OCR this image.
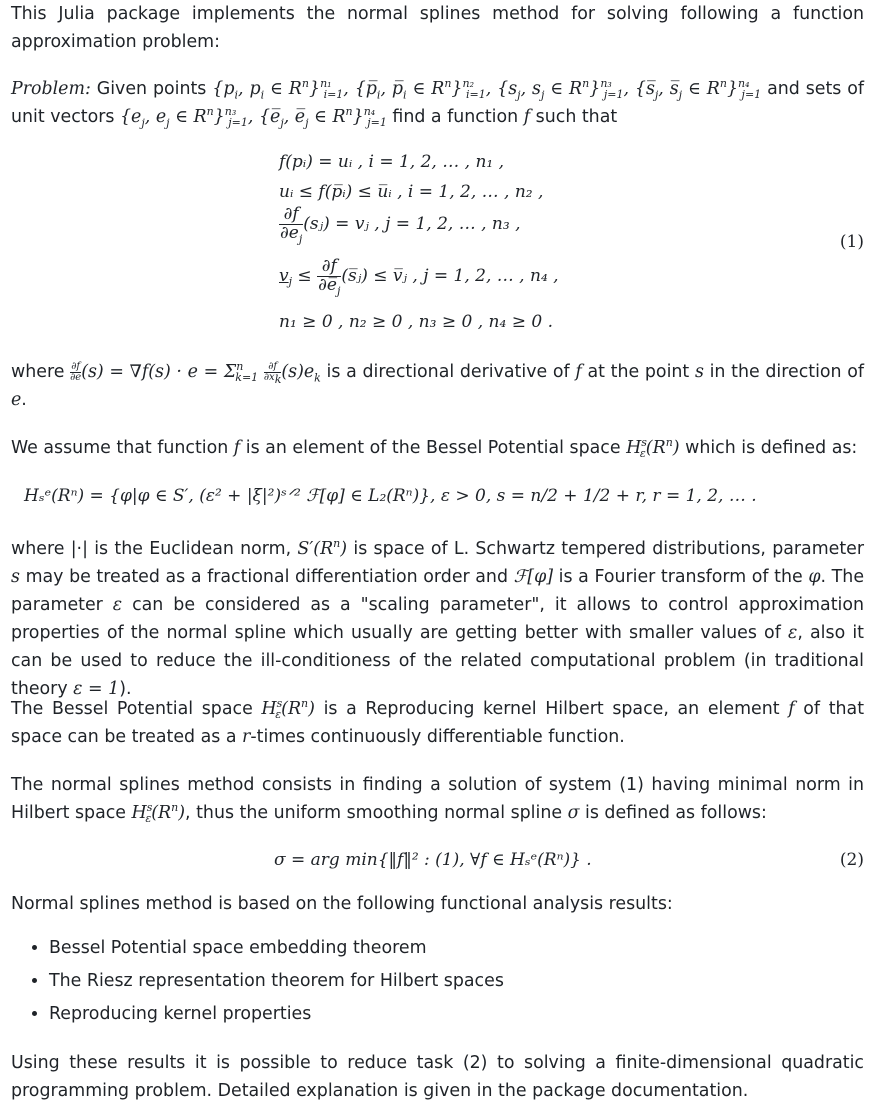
This Julia package implements the normal splines method for solving following a function approximation problem:

Problem: Given points {$p_i$, $p_i$ ∈ $R^n\}^{n_1}_{i=1}$, {$p̅_i$, $p̅_i$ ∈ $R^n\}^{n_2}_{i=1}$, {$s_j$, $s_j$ ∈ $R^n\}^{n_3}_{j=1}$, {$s̅_j$, $s̅_j$ ∈ $R^n\}^{n_4}_{j=1}$ and sets of unit vectors {$e_j$, $e_j$ ∈ $R^n\}^{n_3}_{j=1}$, {$e̅_j$, $e̅_j$ ∈ $R^n\}^{n_4}_{j=1}$ find a function f such that

f(pᵢ) = uᵢ , i = 1, 2, … , n₁ ,
uᵢ ≤ f(p̅ᵢ) ≤ u̅ᵢ , i = 1, 2, … , n₂ ,
$\frac{\partial f}{\partial e_j}$ (sⱼ) = vⱼ , j = 1, 2, … , n₃ ,
$v_j \le \frac{\partial f}{\partial e̅_j}$ (s̅ⱼ) ≤ v̅ⱼ , j = 1, 2, … , n₄ ,
n₁ ≥ 0 , n₂ ≥ 0 , n₃ ≥ 0 , n₄ ≥ 0 .
(1)

where $\frac{\partial f}{\partial e}(s) = \nabla f(s) \cdot e = \Sigma^n_{k=1} \frac{\partial f}{\partial x_k}(s)e_k$ is a directional derivative of f at the point s in the direction of e.

We assume that function f is an element of the Bessel Potential space $H^s_\varepsilon(R^n)$ which is defined as:

Hₛᵉ(Rⁿ) = {φ|φ ∈ S′, (ε² + |ξ|²)ˢᐟ² ℱ[φ] ∈ L₂(Rⁿ)}, ε > 0, s = n/2 + 1/2 + r, r = 1, 2, … .

where |·| is the Euclidean norm, $S'(R^n)$ is space of L. Schwartz tempered distributions, parameter s may be treated as a fractional differentiation order and ℱ[φ] is a Fourier transform of the φ. The parameter ε can be considered as a "scaling parameter", it allows to control approximation properties of the normal spline which usually are getting better with smaller values of ε, also it can be used to reduce the ill-conditioness of the related computational problem (in traditional theory ε = 1).

The Bessel Potential space $H^s_\varepsilon(R^n)$ is a Reproducing kernel Hilbert space, an element f of that space can be treated as a r-times continuously differentiable function.

The normal splines method consists in finding a solution of system (1) having minimal norm in Hilbert space $H^s_\varepsilon(R^n)$, thus the uniform smoothing normal spline σ is defined as follows:

σ = arg min{‖f‖² : (1), ∀f ∈ Hₛᵉ(Rⁿ)} .	(2)

Normal splines method is based on the following functional analysis results:

• Bessel Potential space embedding theorem
• The Riesz representation theorem for Hilbert spaces
• Reproducing kernel properties

Using these results it is possible to reduce task (2) to solving a finite-dimensional quadratic programming problem. Detailed explanation is given in the package documentation.
